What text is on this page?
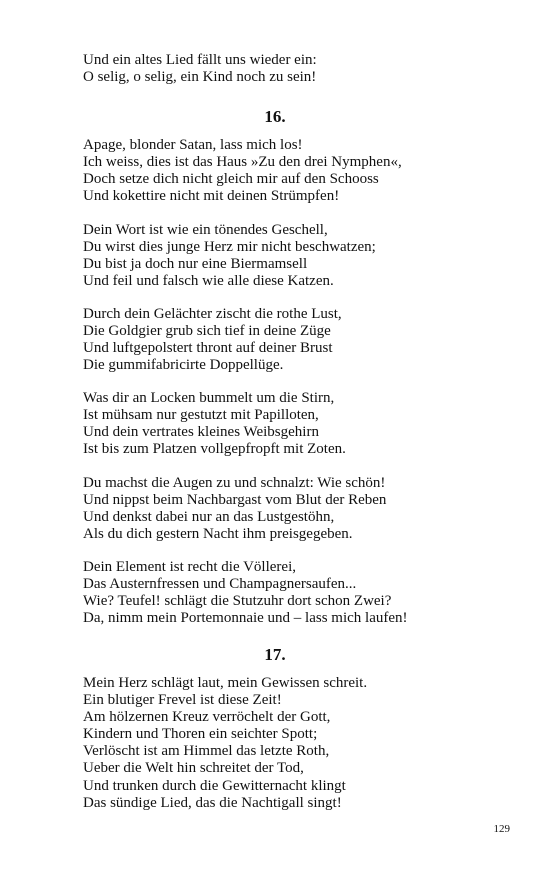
Und ein altes Lied fällt uns wieder ein:
O selig, o selig, ein Kind noch zu sein!
16.
Apage, blonder Satan, lass mich los!
Ich weiss, dies ist das Haus »Zu den drei Nymphen«,
Doch setze dich nicht gleich mir auf den Schooss
Und kokettire nicht mit deinen Strümpfen!
Dein Wort ist wie ein tönendes Geschell,
Du wirst dies junge Herz mir nicht beschwatzen;
Du bist ja doch nur eine Biermamsell
Und feil und falsch wie alle diese Katzen.
Durch dein Gelächter zischt die rothe Lust,
Die Goldgier grub sich tief in deine Züge
Und luftgepolstert thront auf deiner Brust
Die gummifabricirte Doppellüge.
Was dir an Locken bummelt um die Stirn,
Ist mühsam nur gestutzt mit Papilloten,
Und dein vertrates kleines Weibsgehirn
Ist bis zum Platzen vollgepfropft mit Zoten.
Du machst die Augen zu und schnalzt: Wie schön!
Und nippst beim Nachbargast vom Blut der Reben
Und denkst dabei nur an das Lustgestöhn,
Als du dich gestern Nacht ihm preisgegeben.
Dein Element ist recht die Völlerei,
Das Austernfressen und Champagnersaufen...
Wie? Teufel! schlägt die Stutzuhr dort schon Zwei?
Da, nimm mein Portemonnaie und – lass mich laufen!
17.
Mein Herz schlägt laut, mein Gewissen schreit.
Ein blutiger Frevel ist diese Zeit!
Am hölzernen Kreuz verröchelt der Gott,
Kindern und Thoren ein seichter Spott;
Verlöscht ist am Himmel das letzte Roth,
Ueber die Welt hin schreitet der Tod,
Und trunken durch die Gewitternacht klingt
Das sündige Lied, das die Nachtigall singt!
129
